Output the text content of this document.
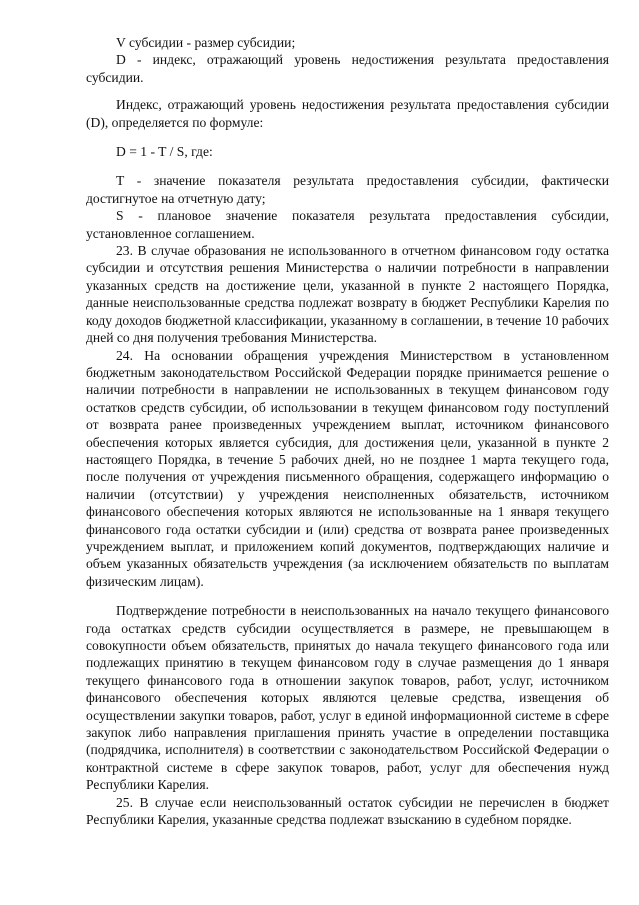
V субсидии - размер субсидии;

D - индекс, отражающий уровень недостижения результата предоставления субсидии.

Индекс, отражающий уровень недостижения результата предоставления субсидии (D), определяется по формуле:

D = 1 - T / S, где:

T - значение показателя результата предоставления субсидии, фактически достигнутое на отчетную дату;

S - плановое значение показателя результата предоставления субсидии, установленное соглашением.

23. В случае образования не использованного в отчетном финансовом году остатка субсидии и отсутствия решения Министерства о наличии потребности в направлении указанных средств на достижение цели, указанной в пункте 2 настоящего Порядка, данные неиспользованные средства подлежат возврату в бюджет Республики Карелия по коду доходов бюджетной классификации, указанному в соглашении, в течение 10 рабочих дней со дня получения требования Министерства.

24. На основании обращения учреждения Министерством в установленном бюджетным законодательством Российской Федерации порядке принимается решение о наличии потребности в направлении не использованных в текущем финансовом году остатков средств субсидии, об использовании в текущем финансовом году поступлений от возврата ранее произведенных учреждением выплат, источником финансового обеспечения которых является субсидия, для достижения цели, указанной в пункте 2 настоящего Порядка, в течение 5 рабочих дней, но не позднее 1 марта текущего года, после получения от учреждения письменного обращения, содержащего информацию о наличии (отсутствии) у учреждения неисполненных обязательств, источником финансового обеспечения которых являются не использованные на 1 января текущего финансового года остатки субсидии и (или) средства от возврата ранее произведенных учреждением выплат, и приложением копий документов, подтверждающих наличие и объем указанных обязательств учреждения (за исключением обязательств по выплатам физическим лицам).

Подтверждение потребности в неиспользованных на начало текущего финансового года остатках средств субсидии осуществляется в размере, не превышающем в совокупности объем обязательств, принятых до начала текущего финансового года или подлежащих принятию в текущем финансовом году в случае размещения до 1 января текущего финансового года в отношении закупок товаров, работ, услуг, источником финансового обеспечения которых являются целевые средства, извещения об осуществлении закупки товаров, работ, услуг в единой информационной системе в сфере закупок либо направления приглашения принять участие в определении поставщика (подрядчика, исполнителя) в соответствии с законодательством Российской Федерации о контрактной системе в сфере закупок товаров, работ, услуг для обеспечения нужд Республики Карелия.

25. В случае если неиспользованный остаток субсидии не перечислен в бюджет Республики Карелия, указанные средства подлежат взысканию в судебном порядке.
